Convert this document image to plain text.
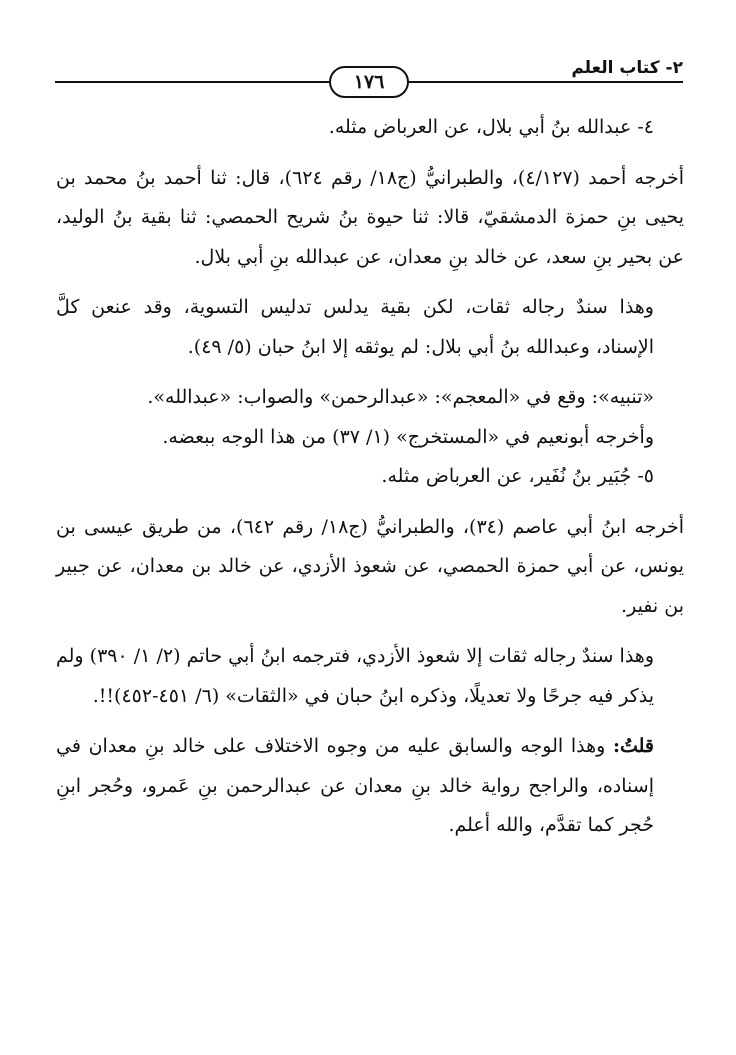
١٧٦
٢- كتاب العلم

٤- عبدالله بنُ أبي بلال، عن العرباض مثله.

أخرجه أحمد (٤/١٢٧)، والطبرانيُّ (ج١٨/ رقم ٦٢٤)، قال: ثنا أحمد بنُ محمد بن يحيى بنِ حمزة الدمشقيّ، قالا: ثنا حيوة بنُ شريح الحمصي: ثنا بقية بنُ الوليد، عن بحير بنِ سعد، عن خالد بنِ معدان، عن عبدالله بنِ أبي بلال.

وهذا سندٌ رجاله ثقات، لكن بقية يدلس تدليس التسوية، وقد عنعن كلَّ الإسناد، وعبدالله بنُ أبي بلال: لم يوثقه إلا ابنُ حبان (٥/ ٤٩).

«تنبيه»: وقع في «المعجم»: «عبدالرحمن» والصواب: «عبدالله».

وأخرجه أبونعيم في «المستخرج» (١/ ٣٧) من هذا الوجه ببعضه.

٥- جُبَير بنُ نُفَير، عن العرباض مثله.

أخرجه ابنُ أبي عاصم (٣٤)، والطبرانيُّ (ج١٨/ رقم ٦٤٢)، من طريق عيسى بن يونس، عن أبي حمزة الحمصي، عن شعوذ الأزدي، عن خالد بن معدان، عن جبير بن نفير.

وهذا سندٌ رجاله ثقات إلا شعوذ الأزدي، فترجمه ابنُ أبي حاتم (٢/ ١/ ٣٩٠) ولم يذكر فيه جرحًا ولا تعديلًا، وذكره ابنُ حبان في «الثقات» (٦/ ٤٥١-٤٥٢)!!.

قلتُ: وهذا الوجه والسابق عليه من وجوه الاختلاف على خالد بنِ معدان في إسناده، والراجح رواية خالد بنِ معدان عن عبدالرحمن بنِ عَمرو، وحُجر ابنِ حُجر كما تقدَّم، والله أعلم.
